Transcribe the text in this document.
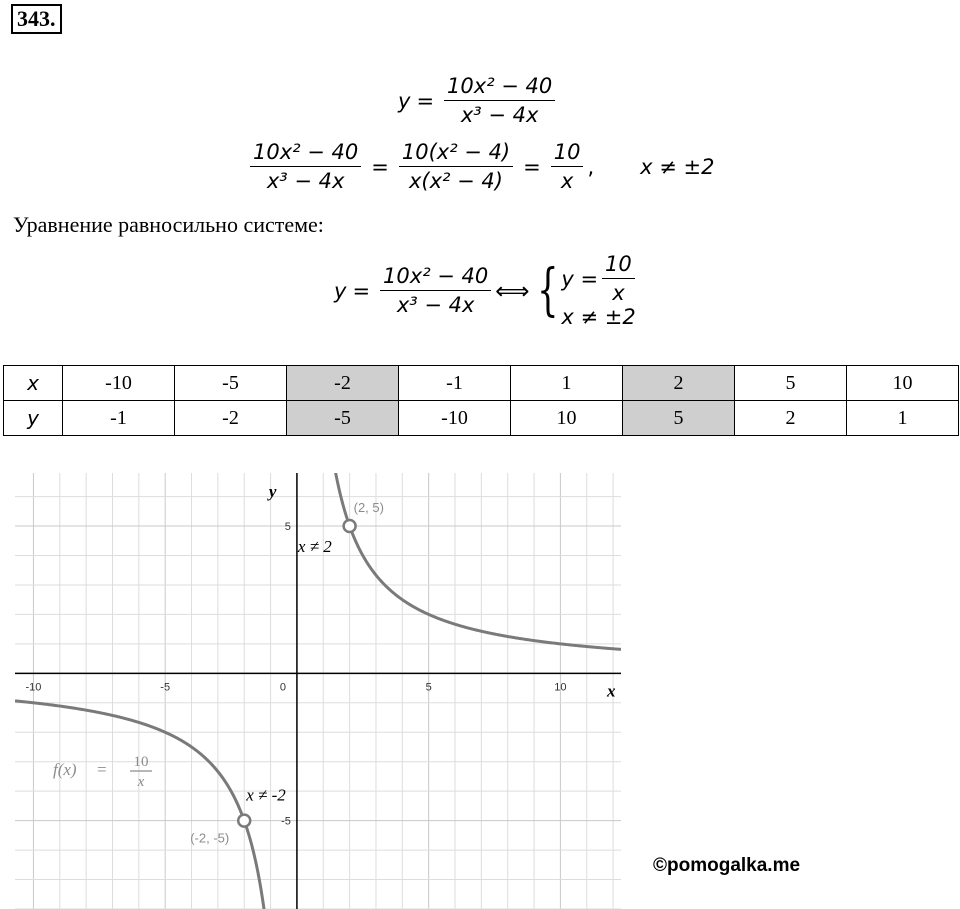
343.
$y = \frac{\text{10x² − 40}}{\text{x³ − 4x}}$
$\frac{\text{10x² − 40}}{\text{x³ − 4x}} = \frac{\text{10(x² − 4)}}{\text{x(x² − 4)}} = \frac{10}{x}$ , x ≠ ±2
Уравнение равносильно системе:
$y = \frac{\text{10x² − 40}}{\text{x³ − 4x}}$ ⟺ { $y = \frac{10}{x}$
x ≠ ±2
x	-10	-5	-2	-1	1	2	5	10
y	-1	-2	-5	-10	10	5	2	1
-10	-5	0	5	10
5
-5
x
y
(2, 5)
x ≠ 2
(-2, -5)
x ≠ -2
f(x) = 10
x
©pomogalka.me
